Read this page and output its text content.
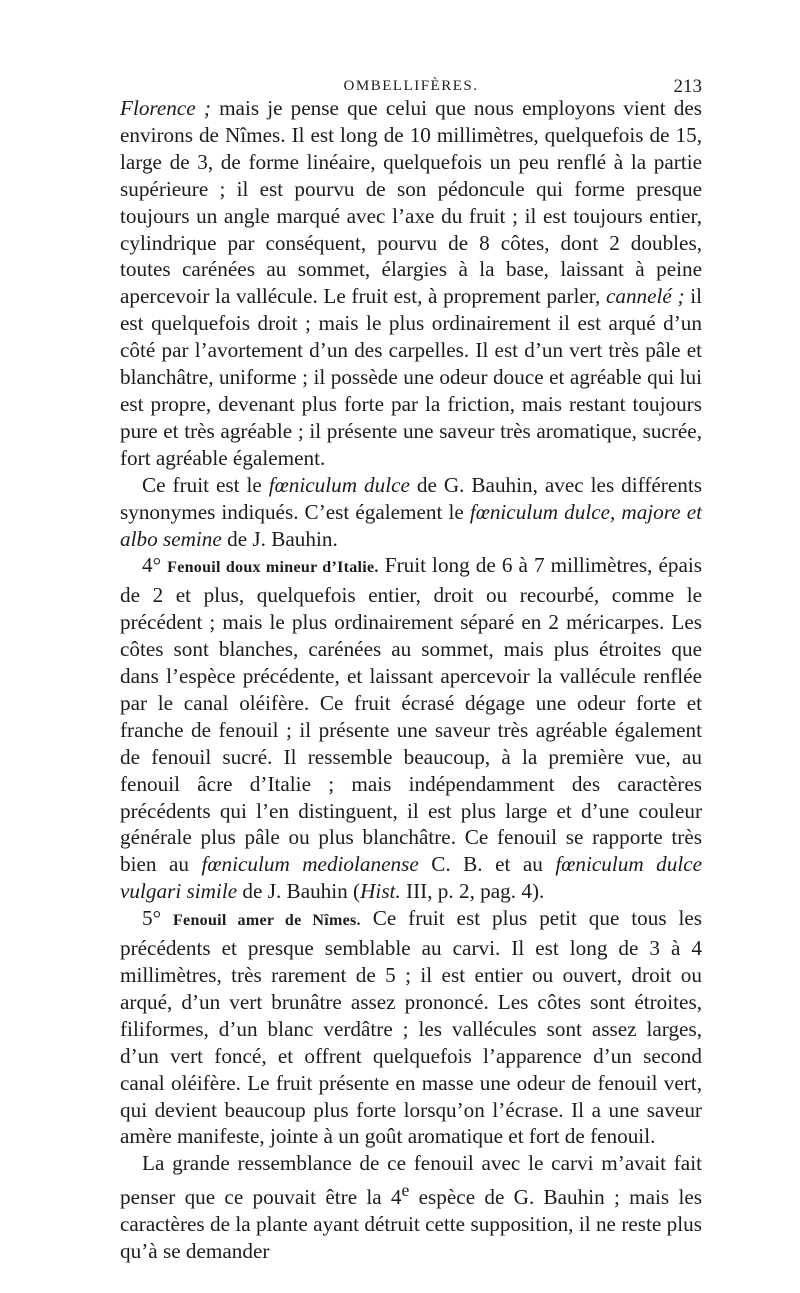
OMBELLIFÈRES.	213

Florence ; mais je pense que celui que nous employons vient des environs de Nîmes. Il est long de 10 millimètres, quelquefois de 15, large de 3, de forme linéaire, quelquefois un peu renflé à la partie supérieure ; il est pourvu de son pédoncule qui forme presque toujours un angle marqué avec l’axe du fruit ; il est toujours entier, cylindrique par conséquent, pourvu de 8 côtes, dont 2 doubles, toutes carénées au sommet, élargies à la base, laissant à peine apercevoir la vallécule. Le fruit est, à proprement parler, cannelé ; il est quelquefois droit ; mais le plus ordinairement il est arqué d’un côté par l’avortement d’un des carpelles. Il est d’un vert très pâle et blanchâtre, uniforme ; il possède une odeur douce et agréable qui lui est propre, devenant plus forte par la friction, mais restant toujours pure et très agréable ; il présente une saveur très aromatique, sucrée, fort agréable également.

Ce fruit est le fœniculum dulce de G. Bauhin, avec les différents synonymes indiqués. C’est également le fœniculum dulce, majore et albo semine de J. Bauhin.

4° Fenouil doux mineur d’Italie. Fruit long de 6 à 7 millimètres, épais de 2 et plus, quelquefois entier, droit ou recourbé, comme le précédent ; mais le plus ordinairement séparé en 2 méricarpes. Les côtes sont blanches, carénées au sommet, mais plus étroites que dans l’espèce précédente, et laissant apercevoir la vallécule renflée par le canal oléifère. Ce fruit écrasé dégage une odeur forte et franche de fenouil ; il présente une saveur très agréable également de fenouil sucré. Il ressemble beaucoup, à la première vue, au fenouil âcre d’Italie ; mais indépendamment des caractères précédents qui l’en distinguent, il est plus large et d’une couleur générale plus pâle ou plus blanchâtre. Ce fenouil se rapporte très bien au fœniculum mediolanense C. B. et au fœniculum dulce vulgari simile de J. Bauhin (Hist. III, p. 2, pag. 4).

5° Fenouil amer de Nîmes. Ce fruit est plus petit que tous les précédents et presque semblable au carvi. Il est long de 3 à 4 millimètres, très rarement de 5 ; il est entier ou ouvert, droit ou arqué, d’un vert brunâtre assez prononcé. Les côtes sont étroites, filiformes, d’un blanc verdâtre ; les vallécules sont assez larges, d’un vert foncé, et offrent quelquefois l’apparence d’un second canal oléifère. Le fruit présente en masse une odeur de fenouil vert, qui devient beaucoup plus forte lorsqu’on l’écrase. Il a une saveur amère manifeste, jointe à un goût aromatique et fort de fenouil.

La grande ressemblance de ce fenouil avec le carvi m’avait fait penser que ce pouvait être la 4e espèce de G. Bauhin ; mais les caractères de la plante ayant détruit cette supposition, il ne reste plus qu’à se demander
